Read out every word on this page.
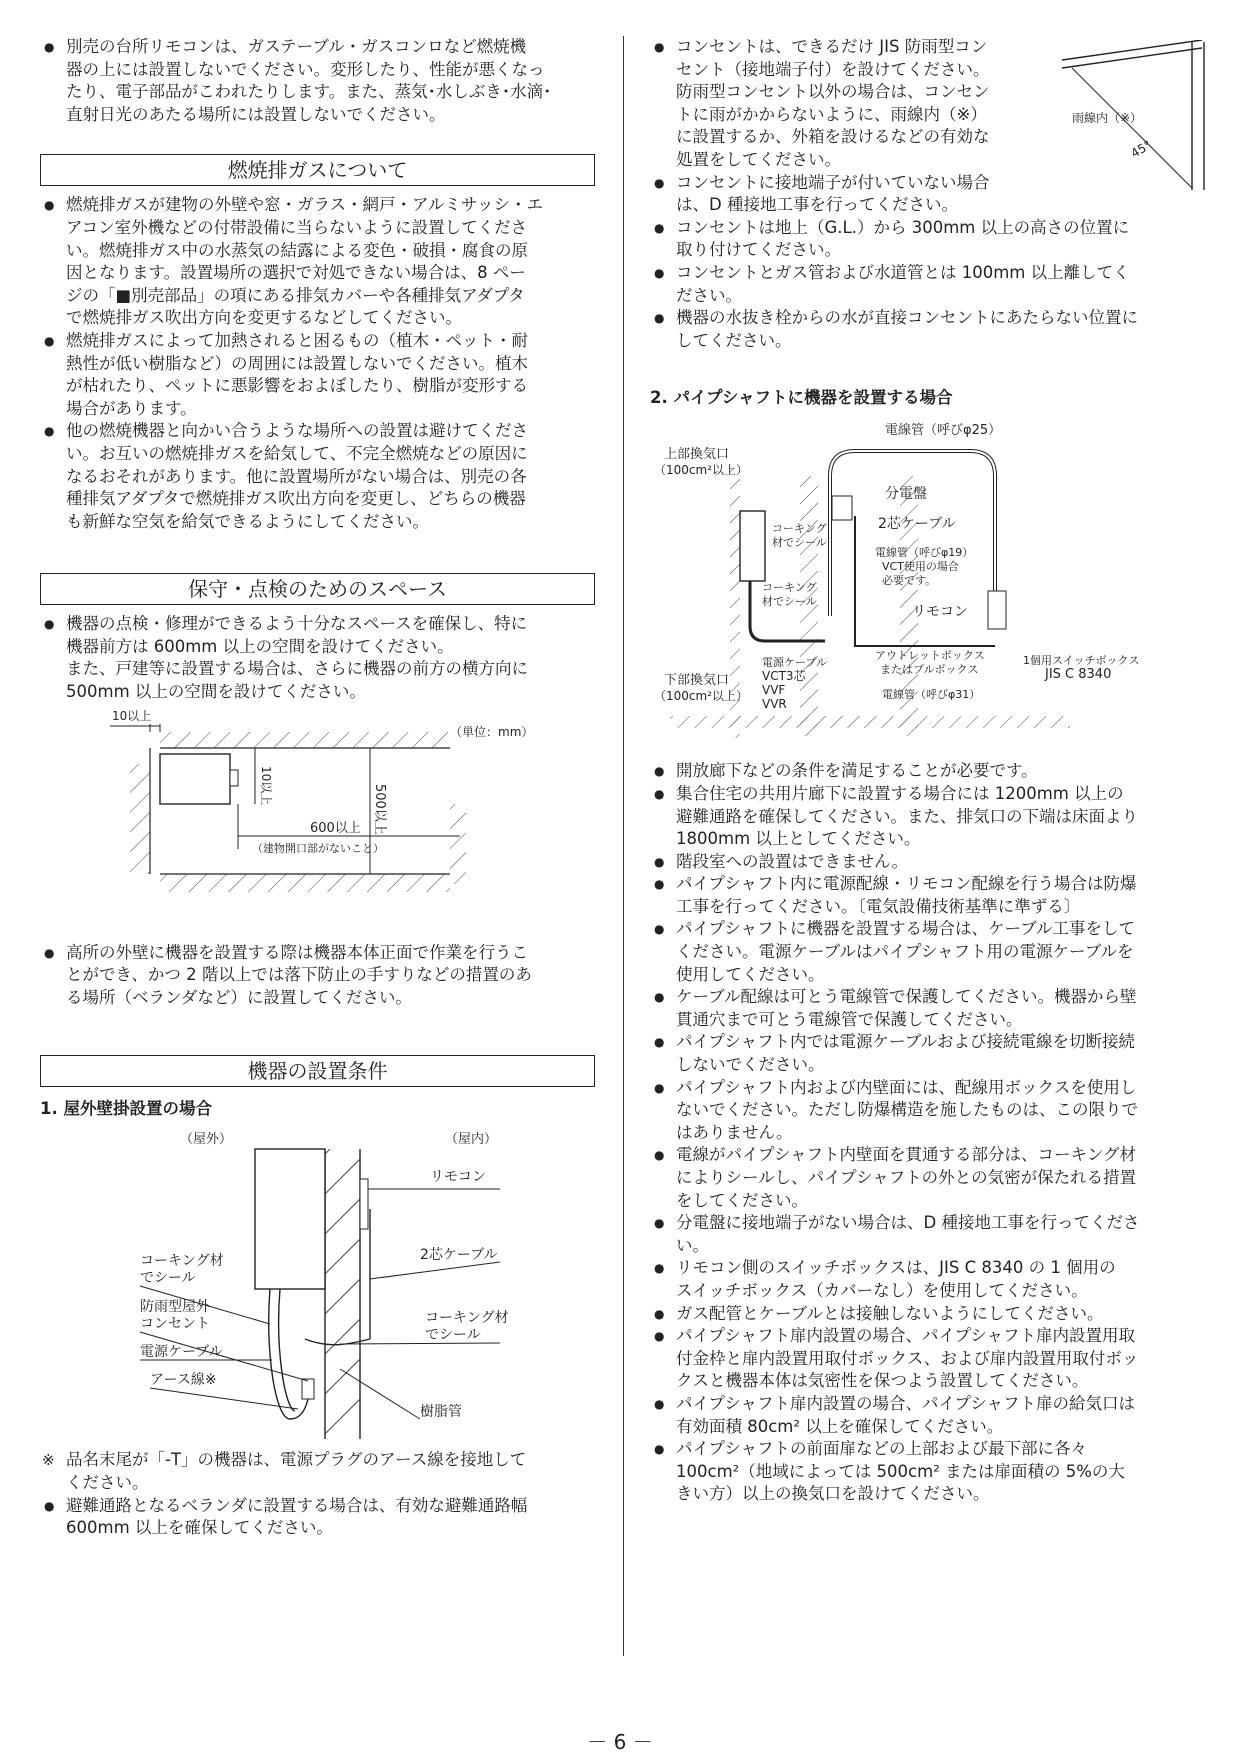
● 別売の台所リモコンは、ガステーブル・ガスコンロなど燃焼機
器の上には設置しないでください。変形したり、性能が悪くなっ
たり、電子部品がこわれたりします。また、蒸気･水しぶき･水滴･
直射日光のあたる場所には設置しないでください。
燃焼排ガスについて
● 燃焼排ガスが建物の外壁や窓・ガラス・網戸・アルミサッシ・エ
アコン室外機などの付帯設備に当らないように設置してくださ
い。燃焼排ガス中の水蒸気の結露による変色・破損・腐食の原
因となります。設置場所の選択で対処できない場合は、8 ペー
ジの「■別売部品」の項にある排気カバーや各種排気アダプタ
で燃焼排ガス吹出方向を変更するなどしてください。
● 燃焼排ガスによって加熱されると困るもの（植木・ペット・耐
熱性が低い樹脂など）の周囲には設置しないでください。植木
が枯れたり、ペットに悪影響をおよぼしたり、樹脂が変形する
場合があります。
● 他の燃焼機器と向かい合うような場所への設置は避けてくださ
い。お互いの燃焼排ガスを給気して、不完全燃焼などの原因に
なるおそれがあります。他に設置場所がない場合は、別売の各
種排気アダプタで燃焼排ガス吹出方向を変更し、どちらの機器
も新鮮な空気を給気できるようにしてください。
保守・点検のためのスペース
● 機器の点検・修理ができるよう十分なスペースを確保し、特に
機器前方は 600mm 以上の空間を設けてください。
また、戸建等に設置する場合は、さらに機器の前方の横方向に
500mm 以上の空間を設けてください。
10以上
（単位：mm）
10以上	500以上
600以上
（建物開口部がないこと）
● 高所の外壁に機器を設置する際は機器本体正面で作業を行うこ
とができ、かつ 2 階以上では落下防止の手すりなどの措置のあ
る場所（ベランダなど）に設置してください。
機器の設置条件

1. 屋外壁掛設置の場合

（屋外）	（屋内）
リモコン
コーキング材
でシール
2芯ケーブル
防雨型屋外
コンセント	コーキング材
でシール
電源ケーブル
アース線※
樹脂管
※ 品名末尾が「-T」の機器は、電源プラグのアース線を接地して
ください。
● 避難通路となるベランダに設置する場合は、有効な避難通路幅
600mm 以上を確保してください。
● コンセントは、できるだけ JIS 防雨型コン
セント（接地端子付）を設けてください。
防雨型コンセント以外の場合は、コンセン
トに雨がかからないように、雨線内（※）
に設置するか、外箱を設けるなどの有効な
処置をしてください。
● コンセントに接地端子が付いていない場合
は、D 種接地工事を行ってください。
● コンセントは地上（G.L.）から 300mm 以上の高さの位置に
取り付けてください。
● コンセントとガス管および水道管とは 100mm 以上離してく
ださい。
● 機器の水抜き栓からの水が直接コンセントにあたらない位置に
してください。
雨線内（※）
45°

2. パイプシャフトに機器を設置する場合

電線管（呼びφ25）
上部換気口
（100cm²以上）
分電盤
2芯ケーブル
コーキング
材でシール
電線管（呼びφ19）
VCT使用の場合
必要です。
コーキング
材でシール
リモコン
電源ケーブル
VCT3芯
VVF
VVR
アウトレットボックス
またはプルボックス
1個用スイッチボックス
JIS C 8340
下部換気口
（100cm²以上）	電線管（呼びφ31）
● 開放廊下などの条件を満足することが必要です。
● 集合住宅の共用片廊下に設置する場合には 1200mm 以上の
避難通路を確保してください。また、排気口の下端は床面より
1800mm 以上としてください。
● 階段室への設置はできません。
● パイプシャフト内に電源配線・リモコン配線を行う場合は防爆
工事を行ってください。〔電気設備技術基準に準ずる〕
● パイプシャフトに機器を設置する場合は、ケーブル工事をして
ください。電源ケーブルはパイプシャフト用の電源ケーブルを
使用してください。
● ケーブル配線は可とう電線管で保護してください。機器から壁
貫通穴まで可とう電線管で保護してください。
● パイプシャフト内では電源ケーブルおよび接続電線を切断接続
しないでください。
● パイプシャフト内および内壁面には、配線用ボックスを使用し
ないでください。ただし防爆構造を施したものは、この限りで
はありません。
● 電線がパイプシャフト内壁面を貫通する部分は、コーキング材
によりシールし、パイプシャフトの外との気密が保たれる措置
をしてください。
● 分電盤に接地端子がない場合は、D 種接地工事を行ってくださ
い。
● リモコン側のスイッチボックスは、JIS C 8340 の 1 個用の
スイッチボックス（カバーなし）を使用してください。
● ガス配管とケーブルとは接触しないようにしてください。
● パイプシャフト扉内設置の場合、パイプシャフト扉内設置用取
付金枠と扉内設置用取付ボックス、および扉内設置用取付ボッ
クスと機器本体は気密性を保つよう設置してください。
● パイプシャフト扉内設置の場合、パイプシャフト扉の給気口は
有効面積 80cm² 以上を確保してください。
● パイプシャフトの前面扉などの上部および最下部に各々
100cm²（地域によっては 500cm² または扉面積の 5%の大
きい方）以上の換気口を設けてください。
－ 6 －
